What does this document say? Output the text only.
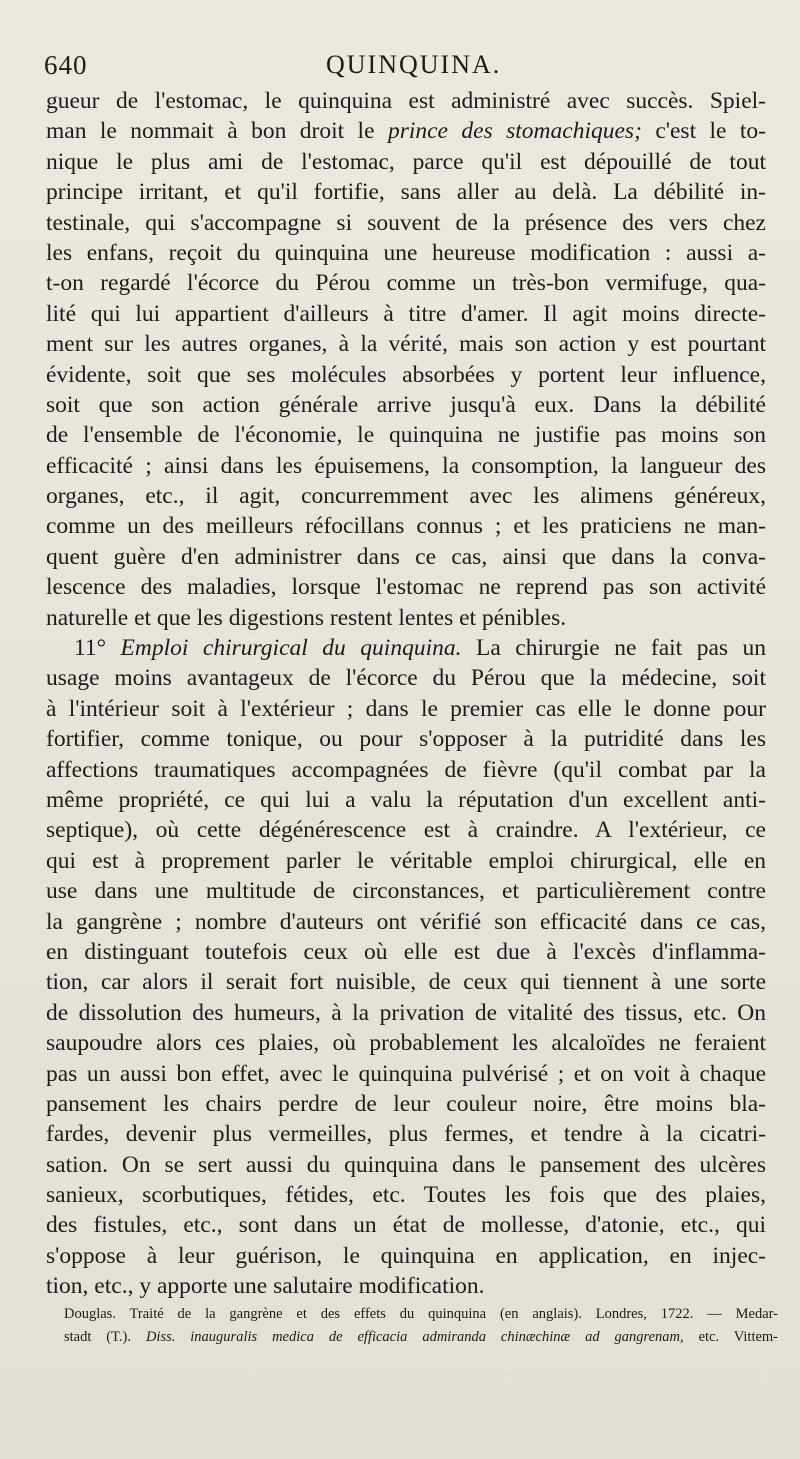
640	QUINQUINA.
gueur de l'estomac, le quinquina est administré avec succès. Spiel-
man le nommait à bon droit le prince des stomachiques; c'est le to-
nique le plus ami de l'estomac, parce qu'il est dépouillé de tout
principe irritant, et qu'il fortifie, sans aller au delà. La débilité in-
testinale, qui s'accompagne si souvent de la présence des vers chez
les enfans, reçoit du quinquina une heureuse modification : aussi a-
t-on regardé l'écorce du Pérou comme un très-bon vermifuge, qua-
lité qui lui appartient d'ailleurs à titre d'amer. Il agit moins directe-
ment sur les autres organes, à la vérité, mais son action y est pourtant
évidente, soit que ses molécules absorbées y portent leur influence,
soit que son action générale arrive jusqu'à eux. Dans la débilité
de l'ensemble de l'économie, le quinquina ne justifie pas moins son
efficacité ; ainsi dans les épuisemens, la consomption, la langueur des
organes, etc., il agit, concurremment avec les alimens généreux,
comme un des meilleurs réfocillans connus ; et les praticiens ne man-
quent guère d'en administrer dans ce cas, ainsi que dans la conva-
lescence des maladies, lorsque l'estomac ne reprend pas son activité
naturelle et que les digestions restent lentes et pénibles.
11° Emploi chirurgical du quinquina. La chirurgie ne fait pas un
usage moins avantageux de l'écorce du Pérou que la médecine, soit
à l'intérieur soit à l'extérieur ; dans le premier cas elle le donne pour
fortifier, comme tonique, ou pour s'opposer à la putridité dans les
affections traumatiques accompagnées de fièvre (qu'il combat par la
même propriété, ce qui lui a valu la réputation d'un excellent anti-
septique), où cette dégénérescence est à craindre. A l'extérieur, ce
qui est à proprement parler le véritable emploi chirurgical, elle en
use dans une multitude de circonstances, et particulièrement contre
la gangrène ; nombre d'auteurs ont vérifié son efficacité dans ce cas,
en distinguant toutefois ceux où elle est due à l'excès d'inflamma-
tion, car alors il serait fort nuisible, de ceux qui tiennent à une sorte
de dissolution des humeurs, à la privation de vitalité des tissus, etc. On
saupoudre alors ces plaies, où probablement les alcaloïdes ne feraient
pas un aussi bon effet, avec le quinquina pulvérisé ; et on voit à chaque
pansement les chairs perdre de leur couleur noire, être moins bla-
fardes, devenir plus vermeilles, plus fermes, et tendre à la cicatri-
sation. On se sert aussi du quinquina dans le pansement des ulcères
sanieux, scorbutiques, fétides, etc. Toutes les fois que des plaies,
des fistules, etc., sont dans un état de mollesse, d'atonie, etc., qui
s'oppose à leur guérison, le quinquina en application, en injec-
tion, etc., y apporte une salutaire modification.
Douglas. Traité de la gangrène et des effets du quinquina (en anglais). Londres, 1722. — Medar-
stadt (T.). Diss. inauguralis medica de efficacia admiranda chinæchinæ ad gangrenam, etc. Vittem-
